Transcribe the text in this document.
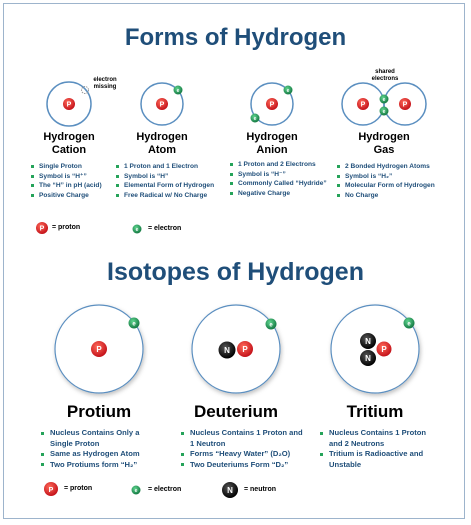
Forms of Hydrogen
P	P
e
P
e
e
P	P
e
e
P	e
electron
missing
shared
electrons
Hydrogen
Cation
Hydrogen
Atom
Hydrogen
Anion
Hydrogen
Gas
Single Proton
Symbol is “H⁺”
The “H” in pH (acid)
Positive Charge
1 Proton and 1 Electron
Symbol is “H”
Elemental Form of Hydrogen
Free Radical w/ No Charge
1 Proton and 2 Electrons
Symbol is “H⁻”
Commonly Called “Hydride”
Negative Charge
2 Bonded Hydrogen Atoms
Symbol is “H₂”
Molecular Form of Hydrogen
No Charge
= proton	= electron
Isotopes of Hydrogen
P
e
N P
e
N
N
P
e
P	e	N
Protium	Deuterium	Tritium
Nucleus Contains Only a Single Proton
Same as Hydrogen Atom
Two Protiums form “H₂”
Nucleus Contains 1 Proton and 1 Neutron
Forms “Heavy Water” (D₂O)
Two Deuteriums Form “D₂”
Nucleus Contains 1 Proton and 2 Neutrons
Tritium is Radioactive and Unstable
= proton	= electron	= neutron
